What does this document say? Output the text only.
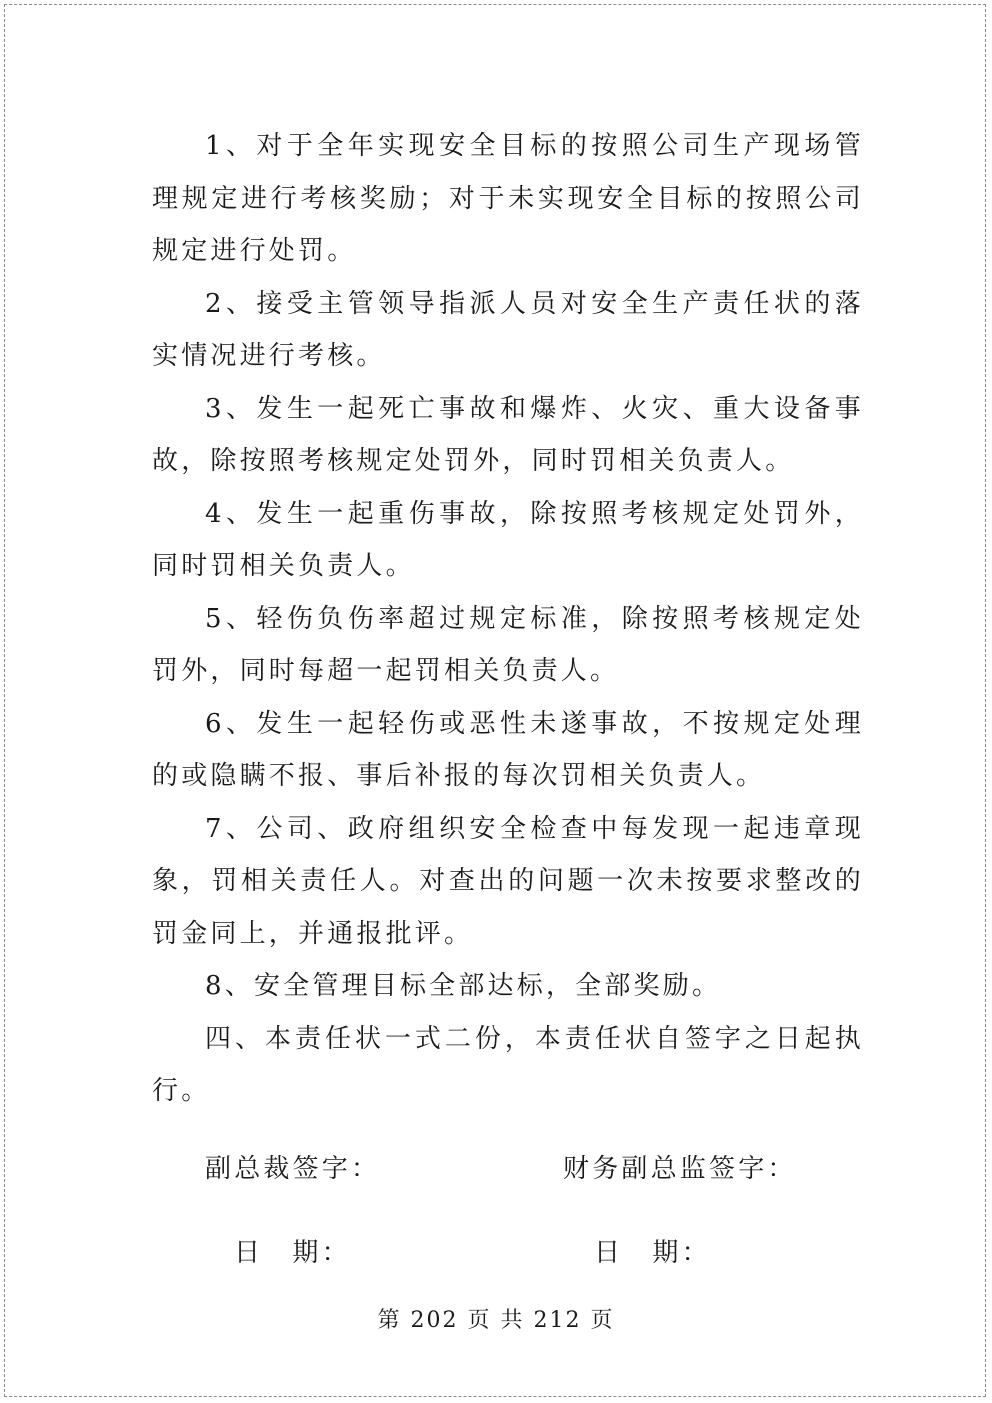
1、对于全年实现安全目标的按照公司生产现场管理规定进行考核奖励；对于未实现安全目标的按照公司规定进行处罚。

2、接受主管领导指派人员对安全生产责任状的落实情况进行考核。

3、发生一起死亡事故和爆炸、火灾、重大设备事故，除按照考核规定处罚外，同时罚相关负责人。

4、发生一起重伤事故，除按照考核规定处罚外，同时罚相关负责人。

5、轻伤负伤率超过规定标准，除按照考核规定处罚外，同时每超一起罚相关负责人。

6、发生一起轻伤或恶性未遂事故，不按规定处理的或隐瞒不报、事后补报的每次罚相关负责人。

7、公司、政府组织安全检查中每发现一起违章现象，罚相关责任人。对查出的问题一次未按要求整改的罚金同上，并通报批评。

8、安全管理目标全部达标，全部奖励。

四、本责任状一式二份，本责任状自签字之日起执行。

副总裁签字：	财务副总监签字：
日　期：	日　期：
第 202 页 共 212 页
